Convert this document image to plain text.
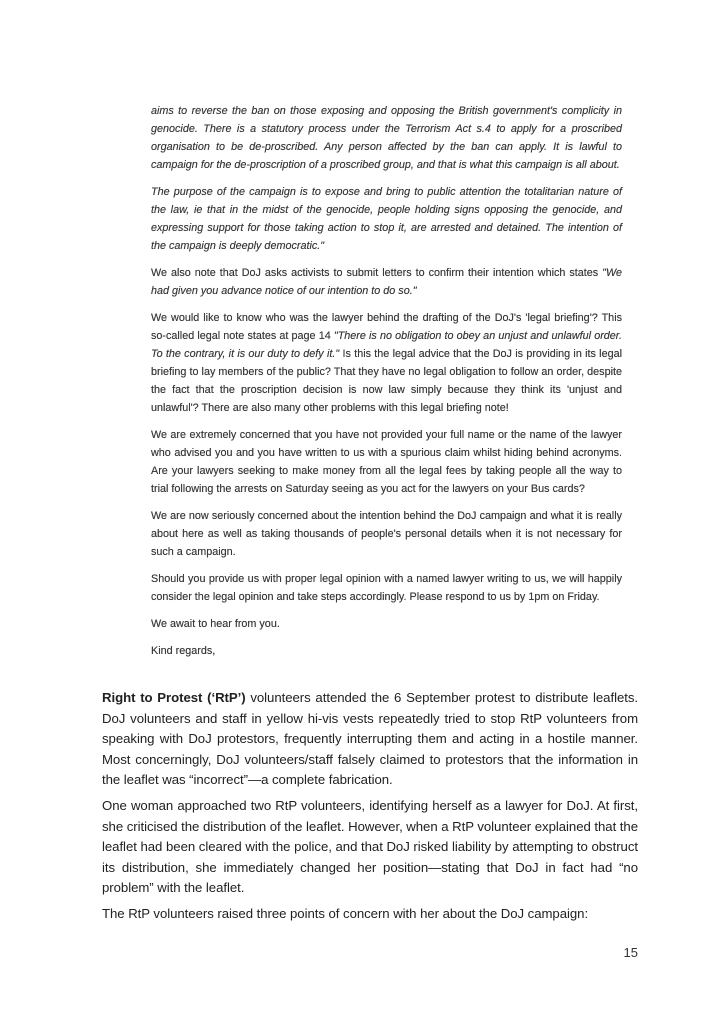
aims to reverse the ban on those exposing and opposing the British government's complicity in genocide. There is a statutory process under the Terrorism Act s.4 to apply for a proscribed organisation to be de-proscribed. Any person affected by the ban can apply. It is lawful to campaign for the de-proscription of a proscribed group, and that is what this campaign is all about.

The purpose of the campaign is to expose and bring to public attention the totalitarian nature of the law, ie that in the midst of the genocide, people holding signs opposing the genocide, and expressing support for those taking action to stop it, are arrested and detained. The intention of the campaign is deeply democratic."

We also note that DoJ asks activists to submit letters to confirm their intention which states "We had given you advance notice of our intention to do so."

We would like to know who was the lawyer behind the drafting of the DoJ's 'legal briefing'? This so-called legal note states at page 14 "There is no obligation to obey an unjust and unlawful order. To the contrary, it is our duty to defy it." Is this the legal advice that the DoJ is providing in its legal briefing to lay members of the public? That they have no legal obligation to follow an order, despite the fact that the proscription decision is now law simply because they think its 'unjust and unlawful'? There are also many other problems with this legal briefing note!

We are extremely concerned that you have not provided your full name or the name of the lawyer who advised you and you have written to us with a spurious claim whilst hiding behind acronyms. Are your lawyers seeking to make money from all the legal fees by taking people all the way to trial following the arrests on Saturday seeing as you act for the lawyers on your Bus cards?

We are now seriously concerned about the intention behind the DoJ campaign and what it is really about here as well as taking thousands of people's personal details when it is not necessary for such a campaign.

Should you provide us with proper legal opinion with a named lawyer writing to us, we will happily consider the legal opinion and take steps accordingly. Please respond to us by 1pm on Friday.

We await to hear from you.

Kind regards,

Right to Protest (‘RtP’) volunteers attended the 6 September protest to distribute leaflets. DoJ volunteers and staff in yellow hi-vis vests repeatedly tried to stop RtP volunteers from speaking with DoJ protestors, frequently interrupting them and acting in a hostile manner. Most concerningly, DoJ volunteers/staff falsely claimed to protestors that the information in the leaflet was “incorrect”—a complete fabrication.

One woman approached two RtP volunteers, identifying herself as a lawyer for DoJ. At first, she criticised the distribution of the leaflet. However, when a RtP volunteer explained that the leaflet had been cleared with the police, and that DoJ risked liability by attempting to obstruct its distribution, she immediately changed her position—stating that DoJ in fact had “no problem” with the leaflet.

The RtP volunteers raised three points of concern with her about the DoJ campaign:

15
